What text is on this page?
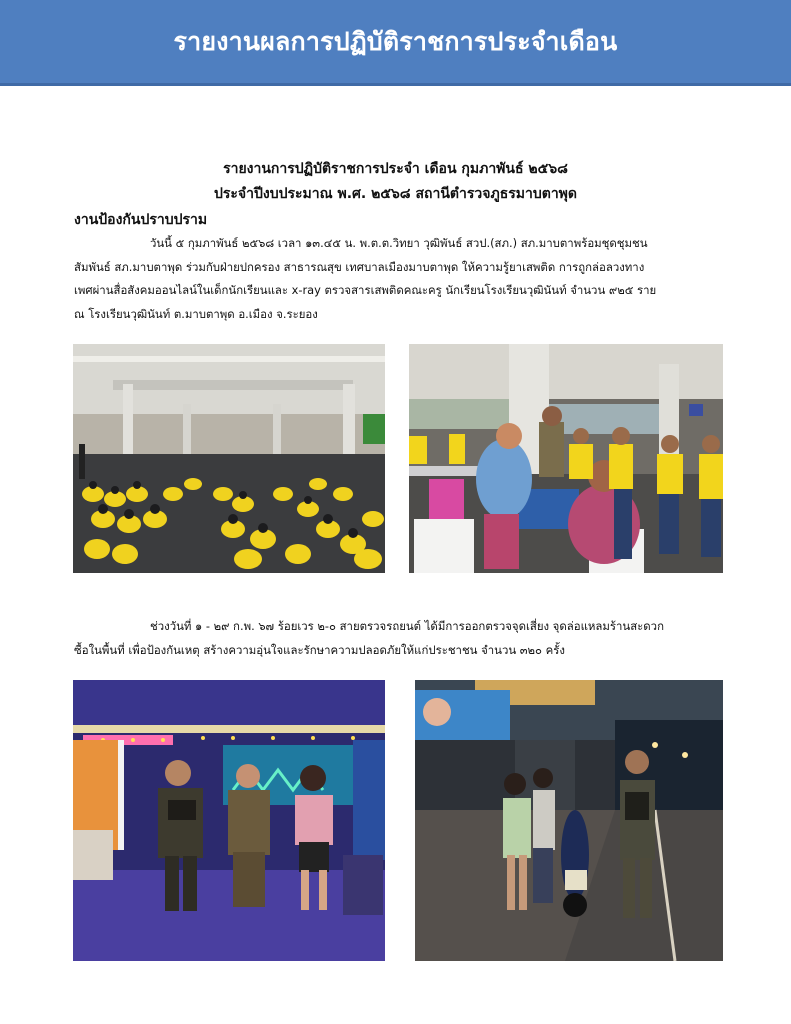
รายงานผลการปฏิบัติราชการประจำเดือน
รายงานการปฏิบัติราชการประจำ เดือน กุมภาพันธ์ ๒๕๖๘
ประจำปีงบประมาณ พ.ศ. ๒๕๖๘ สถานีตำรวจภูธรมาบตาพุด
งานป้องกันปราบปราม
วันนี้ ๕ กุมภาพันธ์ ๒๕๖๘ เวลา ๑๓.๔๕ น. พ.ต.ต.วิทยา วุฒิพันธ์ สวป.(สภ.) สภ.มาบตาพร้อมชุดชุมชน
สัมพันธ์ สภ.มาบตาพุด ร่วมกับฝ่ายปกครอง สาธารณสุข เทศบาลเมืองมาบตาพุด ให้ความรู้ยาเสพติด การถูกล่อลวงทาง
เพศผ่านสื่อสังคมออนไลน์ในเด็กนักเรียนและ x-ray ตรวจสารเสพติดคณะครู นักเรียนโรงเรียนวุฒินันท์ จำนวน ๙๒๕ ราย
ณ โรงเรียนวุฒินันท์ ต.มาบตาพุด อ.เมือง จ.ระยอง
ช่วงวันที่ ๑ - ๒๙ ก.พ. ๖๗ ร้อยเวร ๒-๐ สายตรวจรถยนต์ ได้มีการออกตรวจจุดเสี่ยง จุดล่อแหลมร้านสะดวก
ซื้อในพื้นที่ เพื่อป้องกันเหตุ สร้างความอุ่นใจและรักษาความปลอดภัยให้แก่ประชาชน จำนวน ๓๒๐ ครั้ง
